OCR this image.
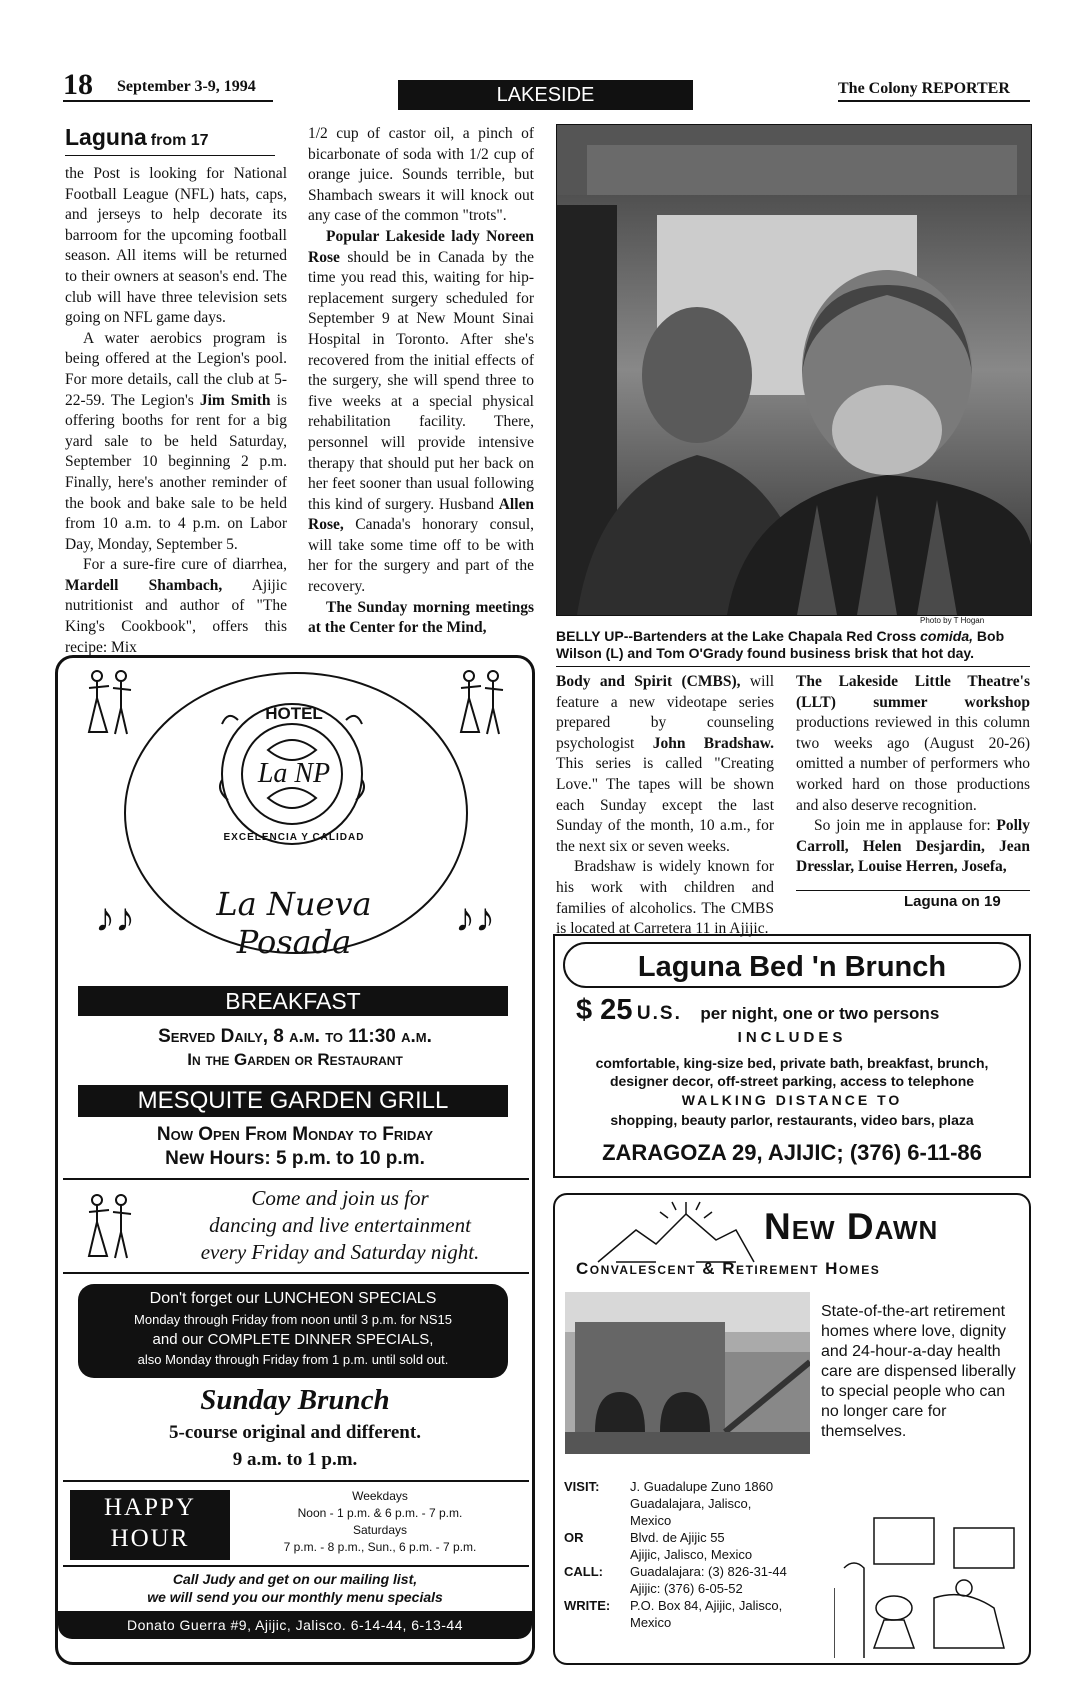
18 September 3-9, 1994	LAKESIDE	The Colony REPORTER
Laguna from 17

the Post is looking for National Football League (NFL) hats, caps, and jerseys to help decorate its barroom for the upcoming football season. All items will be returned to their owners at season's end. The club will have three television sets going on NFL game days.

A water aerobics program is being offered at the Legion's pool. For more details, call the club at 5-22-59. The Legion's Jim Smith is offering booths for rent for a big yard sale to be held Saturday, September 10 beginning 2 p.m. Finally, here's another reminder of the book and bake sale to be held from 10 a.m. to 4 p.m. on Labor Day, Monday, September 5.

For a sure-fire cure of diarrhea, Mardell Shambach, Ajijic nutritionist and author of "The King's Cookbook", offers this recipe: Mix

1/2 cup of castor oil, a pinch of bicarbonate of soda with 1/2 cup of orange juice. Sounds terrible, but Shambach swears it will knock out any case of the common "trots".

Popular Lakeside lady Noreen Rose should be in Canada by the time you read this, waiting for hip-replacement surgery scheduled for September 9 at New Mount Sinai Hospital in Toronto. After she's recovered from the initial effects of the surgery, she will spend three to five weeks at a special physical rehabilitation facility. There, personnel will provide intensive therapy that should put her back on her feet sooner than usual following this kind of surgery. Husband Allen Rose, Canada's honorary consul, will take some time off to be with her for the surgery and part of the recovery.

The Sunday morning meetings at the Center for the Mind,	Photo by T Hogan
BELLY UP--Bartenders at the Lake Chapala Red Cross comida, Bob Wilson (L) and Tom O'Grady found business brisk that hot day.

Body and Spirit (CMBS), will feature a new videotape series prepared by counseling psychologist John Bradshaw. This series is called "Creating Love." The tapes will be shown each Sunday except the last Sunday of the month, 10 a.m., for the next six or seven weeks.

Bradshaw is widely known for his work with children and families of alcoholics. The CMBS is located at Carretera 11 in Ajijic.

The Lakeside Little Theatre's (LLT) summer workshop productions reviewed in this column two weeks ago (August 20-26) omitted a number of performers who worked hard on those productions and also deserve recognition.

So join me in applause for: Polly Carroll, Helen Desjardin, Jean Dresslar, Louise Herren, Josefa,

Laguna on 19
HOTEL
La NP
EXCELENCIA Y CALIDAD
La Nueva Posada
♪♪	♪♪
BREAKFAST
Served Daily, 8 a.m. to 11:30 a.m.
In the Garden or Restaurant
MESQUITE GARDEN GRILL
Now Open From Monday to Friday
New Hours: 5 p.m. to 10 p.m.
Come and join us for
dancing and live entertainment
every Friday and Saturday night.
Don't forget our LUNCHEON SPECIALS
Monday through Friday from noon until 3 p.m. for NS15
and our COMPLETE DINNER SPECIALS,
also Monday through Friday from 1 p.m. until sold out.
Sunday Brunch
5-course original and different.
9 a.m. to 1 p.m.
HAPPY
HOUR
Weekdays
Noon - 1 p.m. & 6 p.m. - 7 p.m.
Saturdays
7 p.m. - 8 p.m., Sun., 6 p.m. - 7 p.m.
Call Judy and get on our mailing list,
we will send you our monthly menu specials
Donato Guerra #9, Ajijic, Jalisco. 6-14-44, 6-13-44
Laguna Bed 'n Brunch
$ 25 U.S. per night, one or two persons
INCLUDES
comfortable, king-size bed, private bath, breakfast, brunch,
designer decor, off-street parking, access to telephone
WALKING DISTANCE TO
shopping, beauty parlor, restaurants, video bars, plaza
ZARAGOZA 29, AJIJIC; (376) 6-11-86
New Dawn
Convalescent & Retirement Homes
State-of-the-art retirement homes where love, dignity and 24-hour-a-day health care are dispensed liberally to special people who can no longer care for themselves.
VISIT:	J. Guadalupe Zuno 1860
Guadalajara, Jalisco,
Mexico
OR	Blvd. de Ajijic 55
Ajijic, Jalisco, Mexico
CALL:	Guadalajara: (3) 826-31-44
Ajijic: (376) 6-05-52
WRITE:	P.O. Box 84, Ajijic, Jalisco,
Mexico
